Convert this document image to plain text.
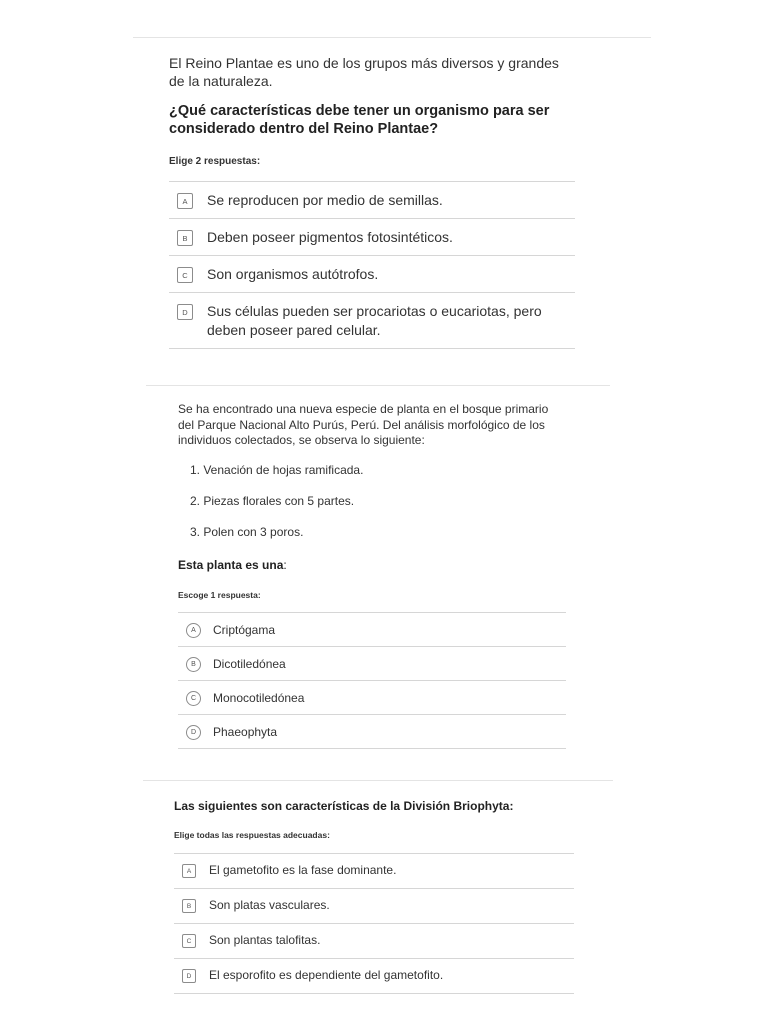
El Reino Plantae es uno de los grupos más diversos y grandes de la naturaleza.

¿Qué características debe tener un organismo para ser considerado dentro del Reino Plantae?

Elige 2 respuestas:

A	Se reproducen por medio de semillas.
B	Deben poseer pigmentos fotosintéticos.
C	Son organismos autótrofos.
D	Sus células pueden ser procariotas o eucariotas, pero deben poseer pared celular.

Se ha encontrado una nueva especie de planta en el bosque primario del Parque Nacional Alto Purús, Perú. Del análisis morfológico de los individuos colectados, se observa lo siguiente:

1. Venación de hojas ramificada.
2. Piezas florales con 5 partes.
3. Polen con 3 poros.

Esta planta es una:

Escoge 1 respuesta:

A	Criptógama
B	Dicotiledónea
C	Monocotiledónea
D	Phaeophyta

Las siguientes son características de la División Briophyta:

Elige todas las respuestas adecuadas:

A	El gametofito es la fase dominante.
B	Son platas vasculares.
C	Son plantas talofitas.
D	El esporofito es dependiente del gametofito.
